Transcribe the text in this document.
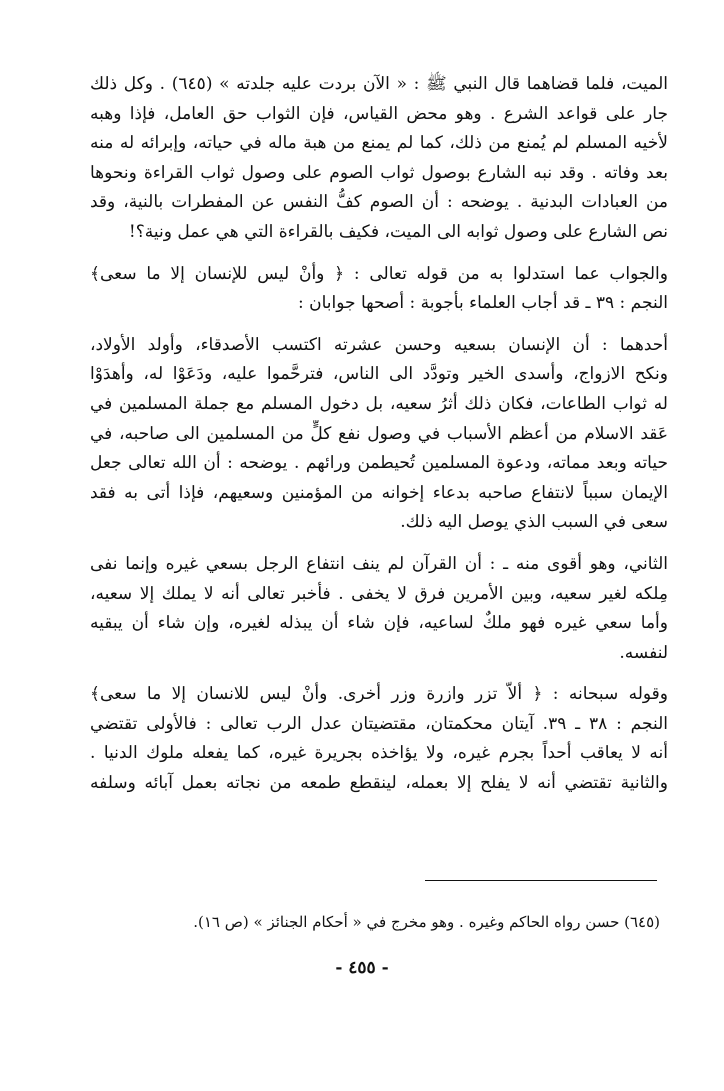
الميت، فلما قضاهما قال النبي ﷺ : « الآن بردت عليه جلدته » (٦٤٥) . وكل ذلك
جار على قواعد الشرع . وهو محض القياس، فإن الثواب حق العامل، فإذا وهبه
لأخيه المسلم لم يُمنع من ذلك، كما لم يمنع من هبة ماله في حياته، وإبرائه له منه
بعد وفاته . وقد نبه الشارع بوصول ثواب الصوم على وصول ثواب القراءة ونحوها
من العبادات البدنية . يوضحه : أن الصوم كفُّ النفس عن المفطرات بالنية، وقد
نص الشارع على وصول ثوابه الى الميت، فكيف بالقراءة التي هي عمل ونية؟!
والجواب عما استدلوا به من قوله تعالى : ﴿ وأنْ ليس للإنسان إلا ما سعى﴾
النجم : ٣٩ ـ قد أجاب العلماء بأجوبة : أصحها جوابان :
أحدهما : أن الإنسان بسعيه وحسن عشرته اكتسب الأصدقاء، وأولد الأولاد،
ونكح الازواج، وأسدى الخير وتودَّد الى الناس، فترحَّموا عليه، ودَعَوْا له، وأهدَوْا
له ثواب الطاعات، فكان ذلك أثرُ سعيه، بل دخول المسلم مع جملة المسلمين في
عَقد الاسلام من أعظم الأسباب في وصول نفع كلٍّ من المسلمين الى صاحبه، في
حياته وبعد مماته، ودعوة المسلمين تُحيطمن ورائهم . يوضحه : أن الله تعالى جعل
الإيمان سبباً لانتفاع صاحبه بدعاء إخوانه من المؤمنين وسعيهم، فإذا أتى به فقد
سعى في السبب الذي يوصل اليه ذلك.
الثاني، وهو أقوى منه ـ : أن القرآن لم ينف انتفاع الرجل بسعي غيره وإنما نفى
مِلكه لغير سعيه، وبين الأمرين فرق لا يخفى . فأخبر تعالى أنه لا يملك إلا سعيه،
وأما سعي غيره فهو ملكٌ لساعيه، فإن شاء أن يبذله لغيره، وإن شاء أن يبقيه
لنفسه.
وقوله سبحانه : ﴿ ألاّ تزر وازرة وزر أخرى. وأنْ ليس للانسان إلا ما سعى﴾
النجم : ٣٨ ـ ٣٩. آيتان محكمتان، مقتضيتان عدل الرب تعالى : فالأولى تقتضي
أنه لا يعاقب أحداً بجرم غيره، ولا يؤاخذه بجريرة غيره، كما يفعله ملوك الدنيا .
والثانية تقتضي أنه لا يفلح إلا بعمله، لينقطع طمعه من نجاته بعمل آبائه وسلفه
(٦٤٥) حسن رواه الحاكم وغيره . وهو مخرج في « أحكام الجنائز » (ص ١٦).
- ٤٥٥ -
